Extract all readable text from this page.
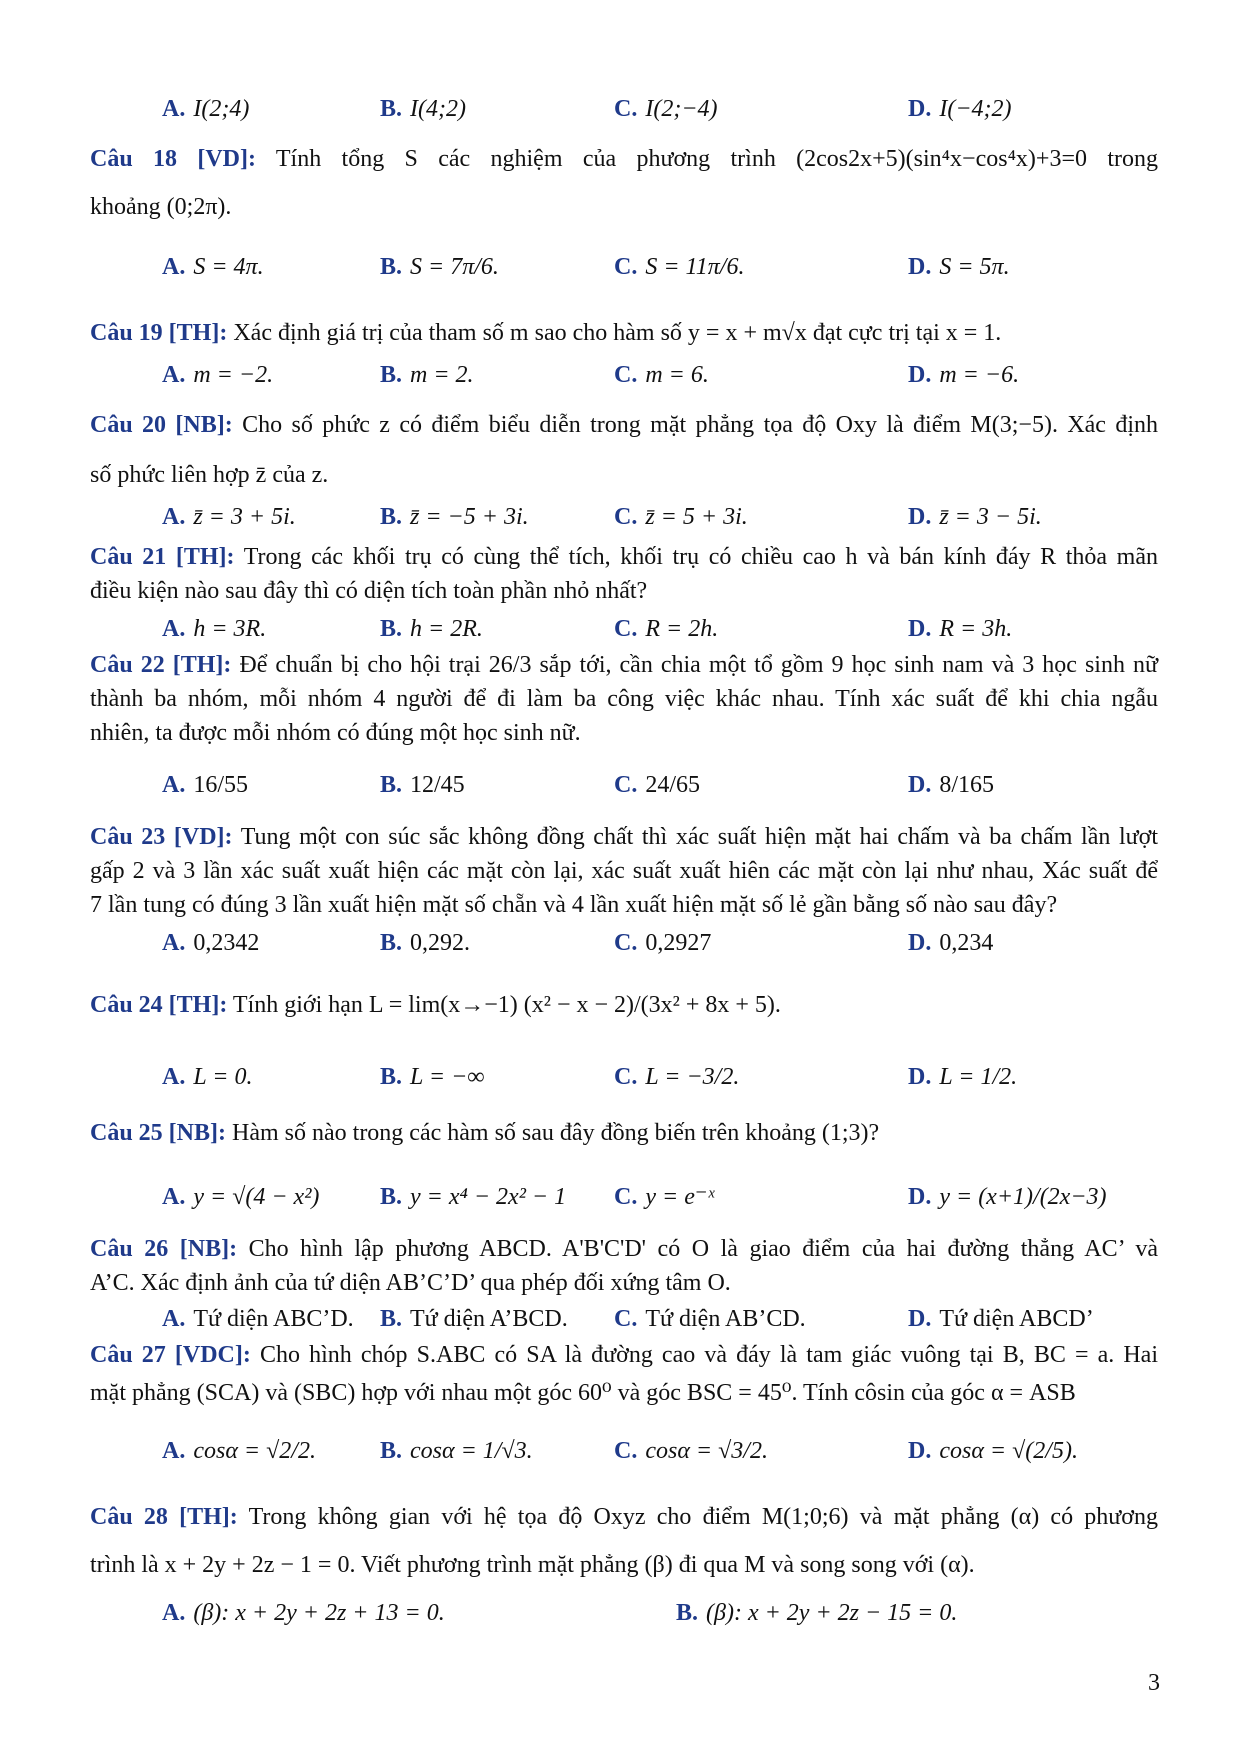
A. I(2;4)	B. I(4;2)	C. I(2;−4)	D. I(−4;2)
Câu 18 [VD]: Tính tổng S các nghiệm của phương trình (2cos2x+5)(sin⁴x−cos⁴x)+3=0 trong
khoảng (0;2π).
A. S = 4π.	B. S = 7π/6.	C. S = 11π/6.	D. S = 5π.
Câu 19 [TH]: Xác định giá trị của tham số m sao cho hàm số y = x + m√x đạt cực trị tại x = 1.
A. m = −2.	B. m = 2.	C. m = 6.	D. m = −6.
Câu 20 [NB]: Cho số phức z có điểm biểu diễn trong mặt phẳng tọa độ Oxy là điểm M(3;−5). Xác định
số phức liên hợp z̄ của z.
A. z̄ = 3 + 5i.	B. z̄ = −5 + 3i.	C. z̄ = 5 + 3i.	D. z̄ = 3 − 5i.
Câu 21 [TH]: Trong các khối trụ có cùng thể tích, khối trụ có chiều cao h và bán kính đáy R thỏa mãn
điều kiện nào sau đây thì có diện tích toàn phần nhỏ nhất?
A. h = 3R.	B. h = 2R.	C. R = 2h.	D. R = 3h.
Câu 22 [TH]: Để chuẩn bị cho hội trại 26/3 sắp tới, cần chia một tổ gồm 9 học sinh nam và 3 học sinh nữ
thành ba nhóm, mỗi nhóm 4 người để đi làm ba công việc khác nhau. Tính xác suất để khi chia ngẫu
nhiên, ta được mỗi nhóm có đúng một học sinh nữ.
A. 16/55	B. 12/45	C. 24/65	D. 8/165
Câu 23 [VD]: Tung một con súc sắc không đồng chất thì xác suất hiện mặt hai chấm và ba chấm lần lượt
gấp 2 và 3 lần xác suất xuất hiện các mặt còn lại, xác suất xuất hiên các mặt còn lại như nhau, Xác suất để
7 lần tung có đúng 3 lần xuất hiện mặt số chẵn và 4 lần xuất hiện mặt số lẻ gần bằng số nào sau đây?
A. 0,2342	B. 0,292.	C. 0,2927	D. 0,234
Câu 24 [TH]: Tính giới hạn L = lim(x→−1) (x² − x − 2)/(3x² + 8x + 5).
A. L = 0.	B. L = −∞	C. L = −3/2.	D. L = 1/2.
Câu 25 [NB]: Hàm số nào trong các hàm số sau đây đồng biến trên khoảng (1;3)?
A. y = √(4 − x²)	B. y = x⁴ − 2x² − 1 C. y = e⁻ˣ	D. y = (x+1)/(2x−3)
Câu 26 [NB]: Cho hình lập phương ABCD. A'B'C'D' có O là giao điểm của hai đường thẳng AC’ và
A’C. Xác định ảnh của tứ diện AB’C’D’ qua phép đối xứng tâm O.
A. Tứ diện ABC’D. B. Tứ diện A’BCD. C. Tứ diện AB’CD.	D. Tứ diện ABCD’
Câu 27 [VDC]: Cho hình chóp S.ABC có SA là đường cao và đáy là tam giác vuông tại B, BC = a. Hai
mặt phẳng (SCA) và (SBC) hợp với nhau một góc 60⁰ và góc BSC = 45⁰. Tính côsin của góc α = ASB
A. cosα = √2/2.	B. cosα = 1/√3.	C. cosα = √3/2.	D. cosα = √(2/5).
Câu 28 [TH]: Trong không gian với hệ tọa độ Oxyz cho điểm M(1;0;6) và mặt phẳng (α) có phương
trình là x + 2y + 2z − 1 = 0. Viết phương trình mặt phẳng (β) đi qua M và song song với (α).
A. (β): x + 2y + 2z + 13 = 0.	B. (β): x + 2y + 2z − 15 = 0.
3
